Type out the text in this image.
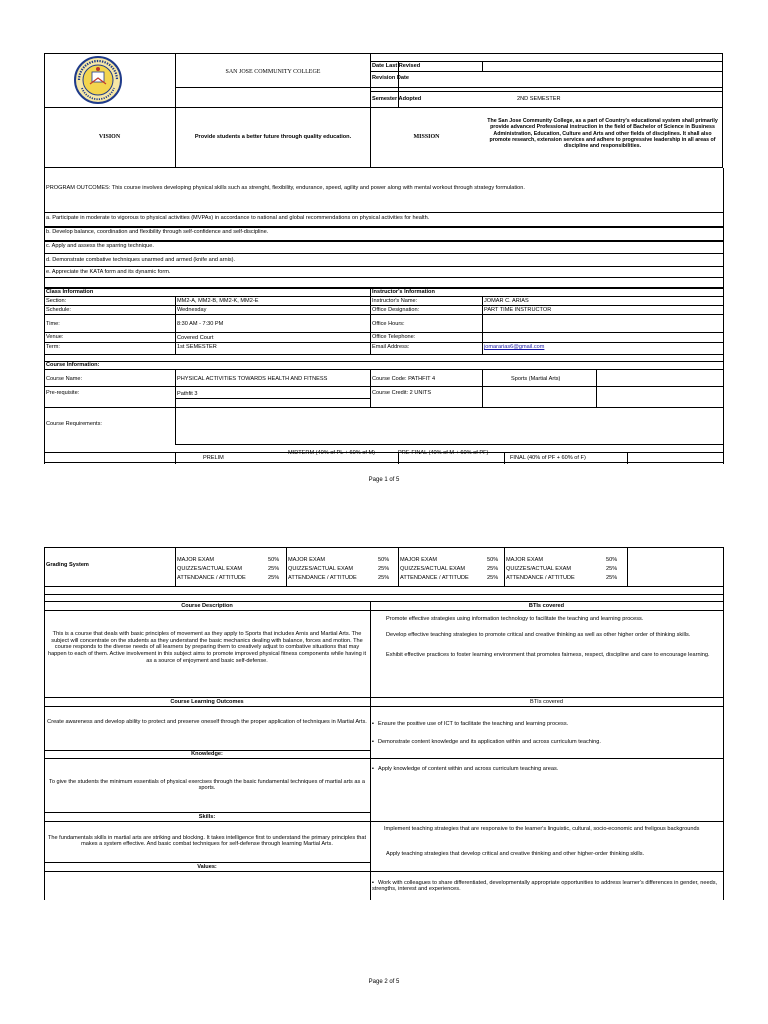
SAN JOSE COMMUNITY COLLEGE
Date Last Revised
Revision Date
Semester Adopted	2ND SEMESTER
VISION	Provide students a better future through quality education.	MISSION
The San Jose Community College, as a part of Country's educational system shall primarily provide advanced Professional instruction in the field of Bachelor of Science in Business Administration, Education, Culture and Arts and other fields of disciplines. It shall also promote research, extension services and adhere to progressive leadership in all areas of discipline and responsibilities.
PROGRAM OUTCOMES: This course involves developing physical skills such as strenght, flexibility, endurance, speed, agility and power along with mental workout through strategy formulation.
a. Participate in moderate to vigorous to physical activities (MVPAs) in accordance to national and global recommendations on physical activities for health.
b. Develop balance, coordination and flexibility through self-confidence and self-discipline.
c. Apply and assess the sparring technique.
d. Demonstrate combative techniques unarmed and armed (knife and arnis).
e. Appreciate the KATA form and its dynamic form.
Class Information	Instructor's Information
Section:	MM2-A, MM2-B, MM2-K, MM2-E	Instructor's Name:	JOMAR C. ARIAS
Schedule:	Wednesday	Office Designation:	PART TIME INSTRUCTOR
Time:	8:30 AM - 7:30 PM	Office Hours:
Venue:	Covered Court	Office Telephone:
Term:	1st SEMESTER	Email Address:	jomararias6@gmail.com
Course Information:
Course Name:	PHYSICAL ACTIVITIES TOWARDS HEALTH AND FITNESS	Course Code: PATHFIT 4	Sports (Martial Arts)
Pre-requisite:	Pathfit 3	Course Credit: 2 UNITS
Course Requirements:
PRELIM
MIDTERM (40% of PL + 60% of M)	PRE-FINAL (40% of M + 60% of PF)
FINAL (40% of PF + 60% of F)
Page 1 of 5
Grading System
MAJOR EXAM	50%
QUIZZES/ACTUAL EXAM	25%
ATTENDANCE / ATTITUDE	25%
MAJOR EXAM	50%
QUIZZES/ACTUAL EXAM	25%
ATTENDANCE / ATTITUDE	25%
MAJOR EXAM	50%
QUIZZES/ACTUAL EXAM	25%
ATTENDANCE / ATTITUDE	25%
MAJOR EXAM	50%
QUIZZES/ACTUAL EXAM	25%
ATTENDANCE / ATTITUDE	25%
Course Description	BTIs covered
This is a course that deals with basic principles of movement as they apply to Sports that includes Arnis and Martial Arts. The subject will concentrate on the students as they understand the basic mechanics dealing with balance, forces and motion. The course responds to the diverse needs of all learners by preparing them to creatively adjust to combative situations that may happen to each of them. Active involvement in this subject aims to promote improved physical fitness components while having it as a source of enjoyment and basic self-defense.
Promote effective strategies using information technology to facilitate the teaching and learning process.
Develop effective teaching strategies to promote critical and creative thinking as well as other higher order of thinking skills.
Exhibit effective practices to foster learning environment that promotes fairness, respect, discipline and care to encourage learning.
Course Learning Outcomes	BTIs covered
Create awareness and develop ability to protect and preserve oneself through the proper application of techniques in Martial Arts.
▪	Ensure the positive use of ICT to facilitate the teaching and learning process.
▪ Demonstrate content knowledge and its application within and across curriculum teaching.
Knowledge:
To give the students the minimum essentials of physical exercises through the basic fundamental techniques of martial arts as a sports.
▪ Apply knowledge of content within and across curriculum teaching areas.
Skills:
The fundamentals skills in martial arts are striking and blocking. It takes intelligence first to understand the primary principles that makes a system effective. And basic combat techniques for self-defense through learning Martial Arts.
Implement teaching strategies that are responsive to the learner's linguistic, cultural, socio-economic and freligous backgrounds
Apply teaching strategies that develop critical and creative thinking and other higher-order thinking skills.
Values:
▪ Work with colleagues to share differentiated, developmentally appropriate opportunities to address learner's differences in gender, needs, strengths, interest and experiences.
Page 2 of 5
